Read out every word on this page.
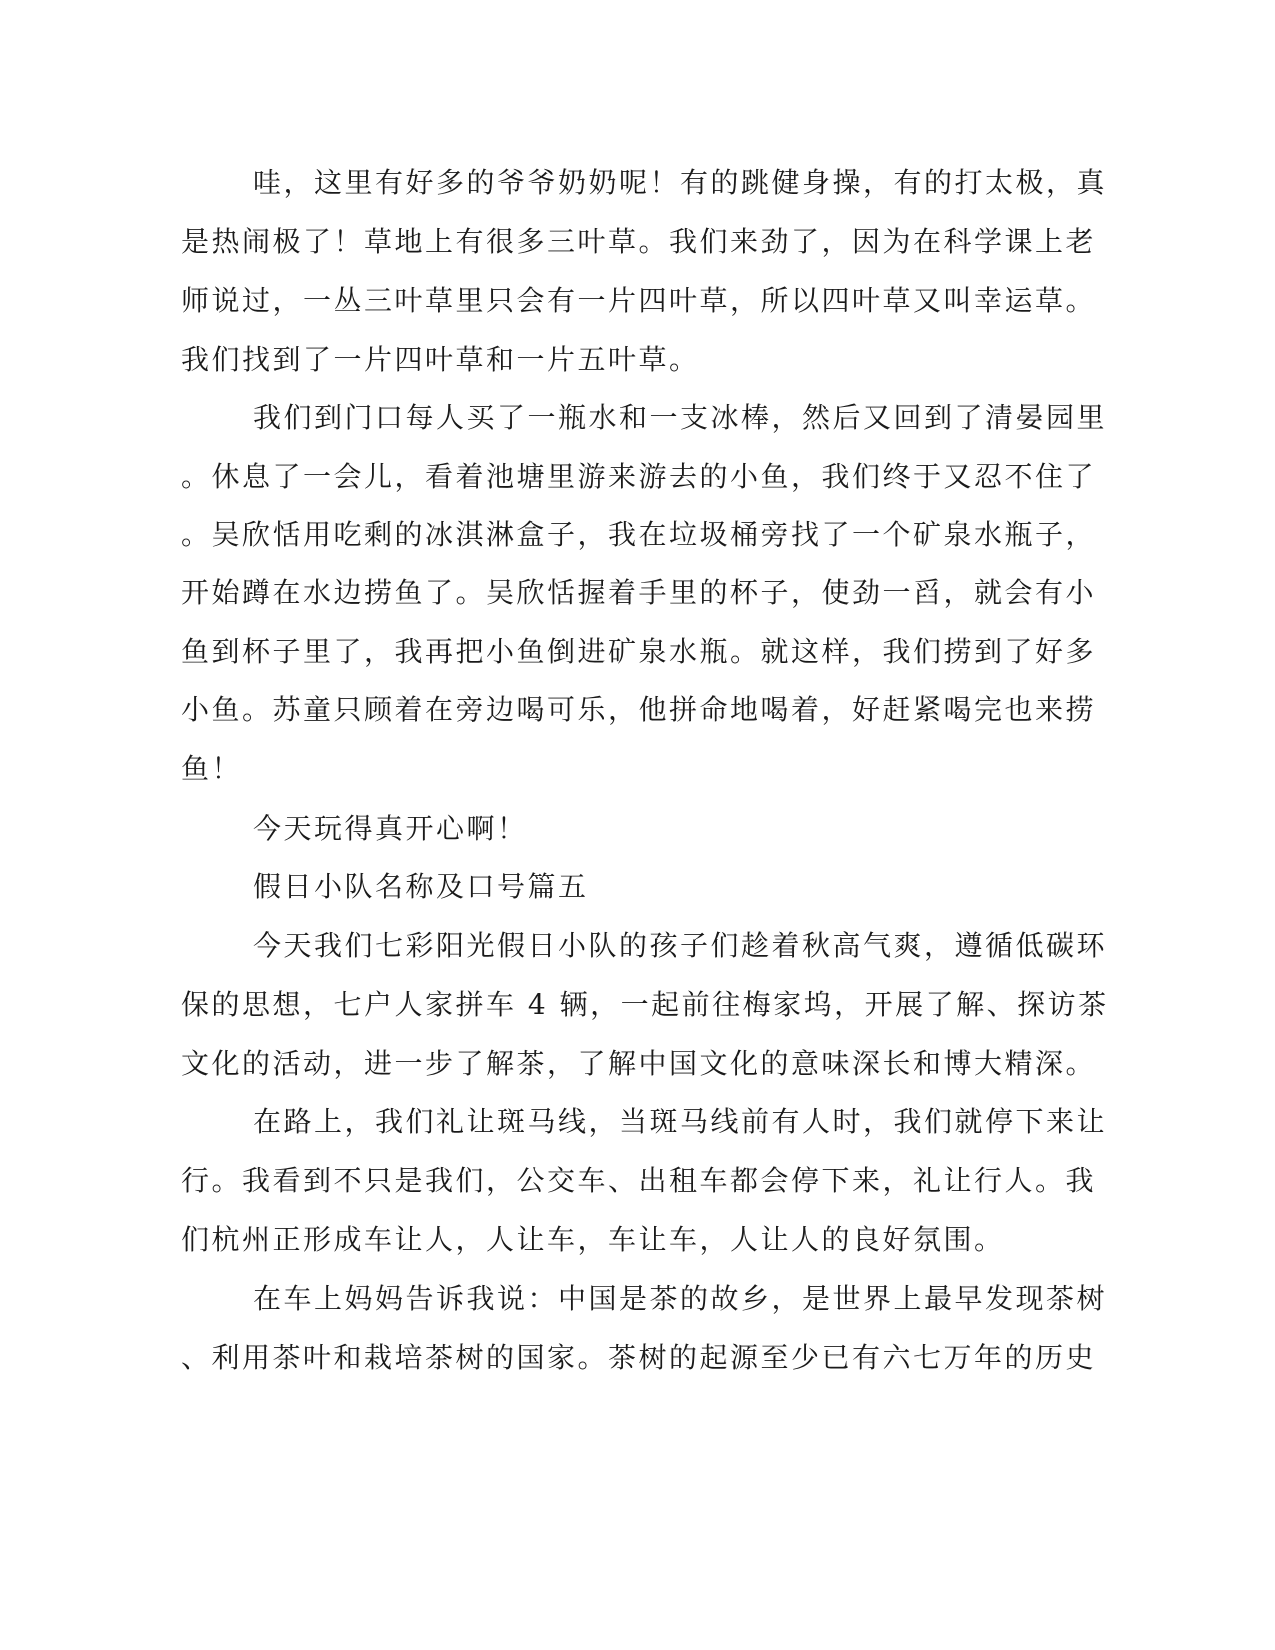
哇，这里有好多的爷爷奶奶呢！有的跳健身操，有的打太极，真
是热闹极了！草地上有很多三叶草。我们来劲了，因为在科学课上老
师说过，一丛三叶草里只会有一片四叶草，所以四叶草又叫幸运草。
我们找到了一片四叶草和一片五叶草。
我们到门口每人买了一瓶水和一支冰棒，然后又回到了清晏园里
。休息了一会儿，看着池塘里游来游去的小鱼，我们终于又忍不住了
。吴欣恬用吃剩的冰淇淋盒子，我在垃圾桶旁找了一个矿泉水瓶子，
开始蹲在水边捞鱼了。吴欣恬握着手里的杯子，使劲一舀，就会有小
鱼到杯子里了，我再把小鱼倒进矿泉水瓶。就这样，我们捞到了好多
小鱼。苏童只顾着在旁边喝可乐，他拼命地喝着，好赶紧喝完也来捞
鱼！
今天玩得真开心啊！
假日小队名称及口号篇五
今天我们七彩阳光假日小队的孩子们趁着秋高气爽，遵循低碳环
保的思想，七户人家拼车 4 辆，一起前往梅家坞，开展了解、探访茶
文化的活动，进一步了解茶，了解中国文化的意味深长和博大精深。
在路上，我们礼让斑马线，当斑马线前有人时，我们就停下来让
行。我看到不只是我们，公交车、出租车都会停下来，礼让行人。我
们杭州正形成车让人，人让车，车让车，人让人的良好氛围。
在车上妈妈告诉我说：中国是茶的故乡，是世界上最早发现茶树
、利用茶叶和栽培茶树的国家。茶树的起源至少已有六七万年的历史
